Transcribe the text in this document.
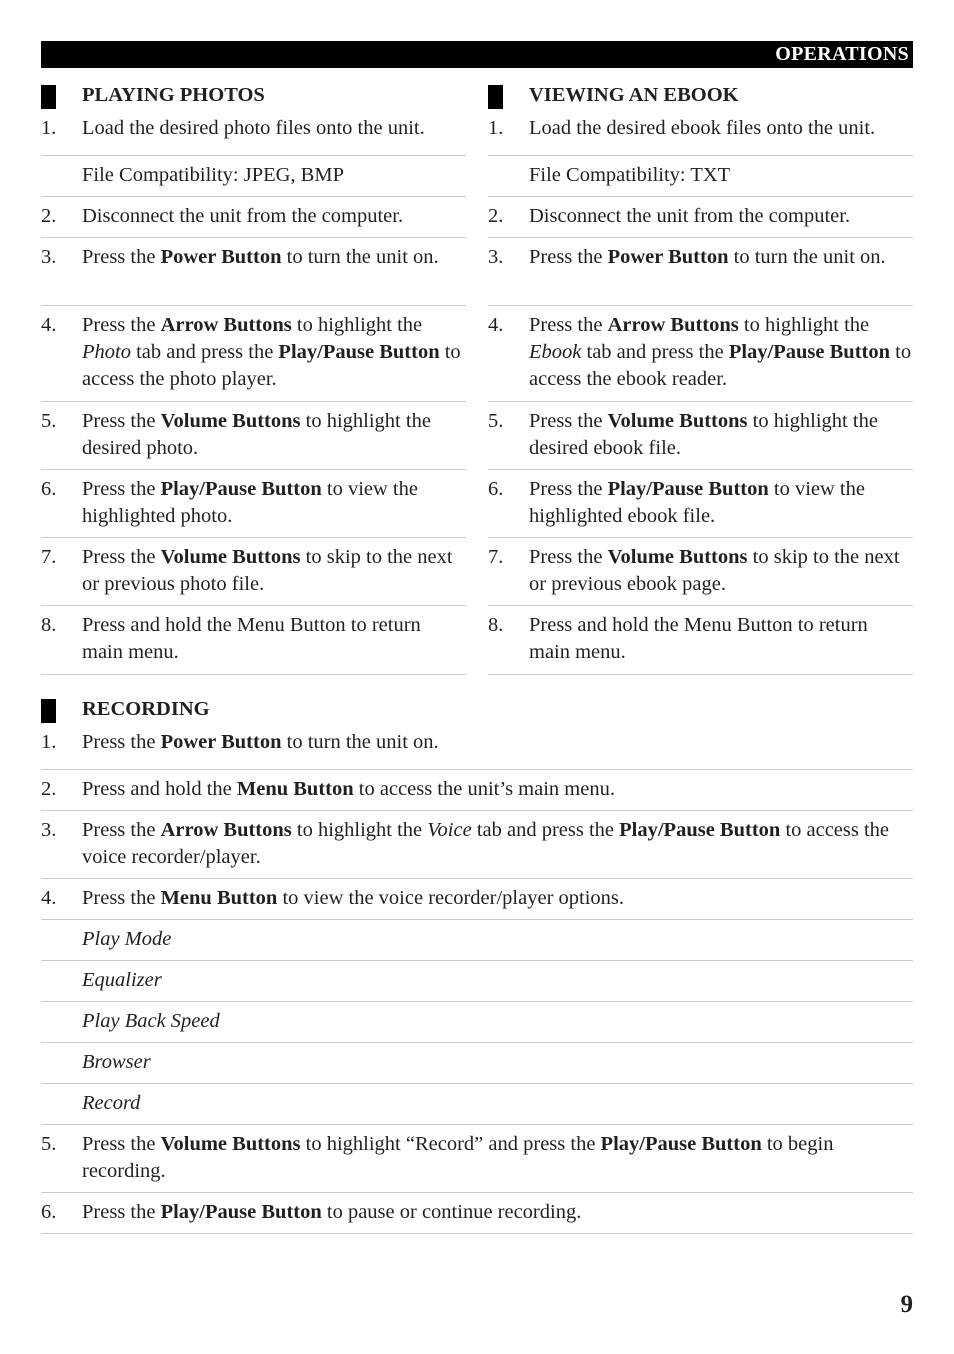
OPERATIONS
PLAYING PHOTOS
1. Load the desired photo files onto the unit.
File Compatibility: JPEG, BMP
2. Disconnect the unit from the computer.
3. Press the Power Button to turn the unit on.
4. Press the Arrow Buttons to highlight the Photo tab and press the Play/Pause Button to access the photo player.
5. Press the Volume Buttons to highlight the desired photo.
6. Press the Play/Pause Button to view the highlighted photo.
7. Press the Volume Buttons to skip to the next or previous photo file.
8. Press and hold the Menu Button to return main menu.
VIEWING AN EBOOK
1. Load the desired ebook files onto the unit.
File Compatibility: TXT
2. Disconnect the unit from the computer.
3. Press the Power Button to turn the unit on.
4. Press the Arrow Buttons to highlight the Ebook tab and press the Play/Pause Button to access the ebook reader.
5. Press the Volume Buttons to highlight the desired ebook file.
6. Press the Play/Pause Button to view the highlighted ebook file.
7. Press the Volume Buttons to skip to the next or previous ebook page.
8. Press and hold the Menu Button to return main menu.
RECORDING
1. Press the Power Button to turn the unit on.
2. Press and hold the Menu Button to access the unit’s main menu.
3. Press the Arrow Buttons to highlight the Voice tab and press the Play/Pause Button to access the voice recorder/player.
4. Press the Menu Button to view the voice recorder/player options.
Play Mode
Equalizer
Play Back Speed
Browser
Record
5. Press the Volume Buttons to highlight “Record” and press the Play/Pause Button to begin recording.
6. Press the Play/Pause Button to pause or continue recording.
9
